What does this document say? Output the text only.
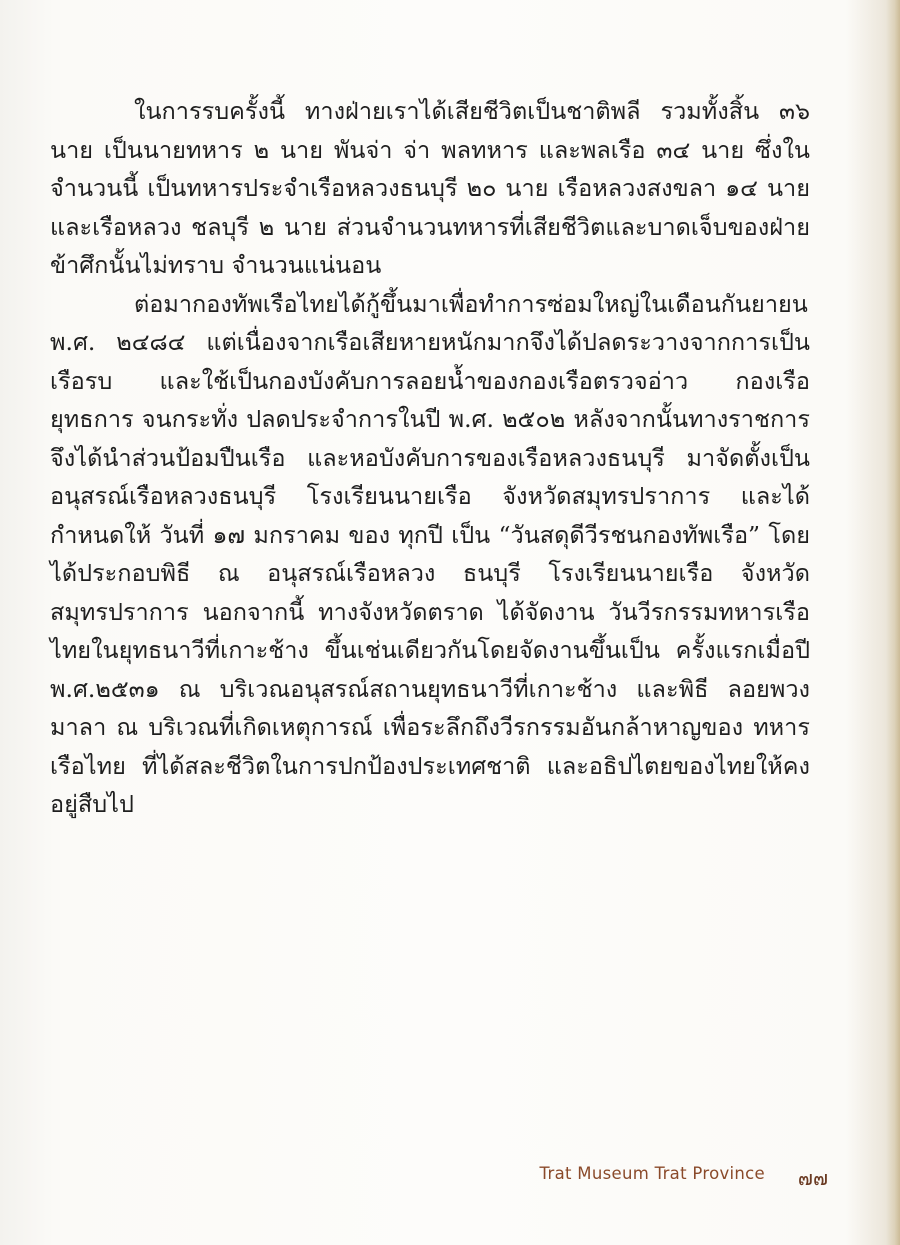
ในการรบครั้งนี้ ทางฝ่ายเราได้เสียชีวิตเป็นชาติพลี รวมทั้งสิ้น ๓๖ นาย เป็นนายทหาร ๒ นาย พันจ่า จ่า พลทหาร และพลเรือ ๓๔ นาย ซึ่งในจำนวนนี้ เป็นทหารประจำเรือหลวงธนบุรี ๒๐ นาย เรือหลวงสงขลา ๑๔ นาย และเรือหลวง ชลบุรี ๒ นาย ส่วนจำนวนทหารที่เสียชีวิตและบาดเจ็บของฝ่ายข้าศึกนั้นไม่ทราบ จำนวนแน่นอน

ต่อมากองทัพเรือไทยได้กู้ขึ้นมาเพื่อทำการซ่อมใหญ่ในเดือนกันยายน พ.ศ. ๒๔๘๔ แต่เนื่องจากเรือเสียหายหนักมากจึงได้ปลดระวางจากการเป็นเรือรบ และใช้เป็นกองบังคับการลอยน้ำของกองเรือตรวจอ่าว กองเรือยุทธการ จนกระทั่ง ปลดประจำการในปี พ.ศ. ๒๕๐๒ หลังจากนั้นทางราชการจึงได้นำส่วนป้อมปืนเรือ และหอบังคับการของเรือหลวงธนบุรี มาจัดตั้งเป็นอนุสรณ์เรือหลวงธนบุรี โรงเรียนนายเรือ จังหวัดสมุทรปราการ และได้กำหนดให้ วันที่ ๑๗ มกราคม ของ ทุกปี เป็น “วันสดุดีวีรชนกองทัพเรือ” โดยได้ประกอบพิธี ณ อนุสรณ์เรือหลวง ธนบุรี โรงเรียนนายเรือ จังหวัดสมุทรปราการ นอกจากนี้ ทางจังหวัดตราด ได้จัดงาน วันวีรกรรมทหารเรือไทยในยุทธนาวีที่เกาะช้าง ขึ้นเช่นเดียวกันโดยจัดงานขึ้นเป็น ครั้งแรกเมื่อปี พ.ศ.๒๕๓๑ ณ บริเวณอนุสรณ์สถานยุทธนาวีที่เกาะช้าง และพิธี ลอยพวงมาลา ณ บริเวณที่เกิดเหตุการณ์ เพื่อระลึกถึงวีรกรรมอันกล้าหาญของ ทหารเรือไทย ที่ได้สละชีวิตในการปกป้องประเทศชาติ และอธิปไตยของไทยให้คง อยู่สืบไป

Trat Museum Trat Province ๗๗
